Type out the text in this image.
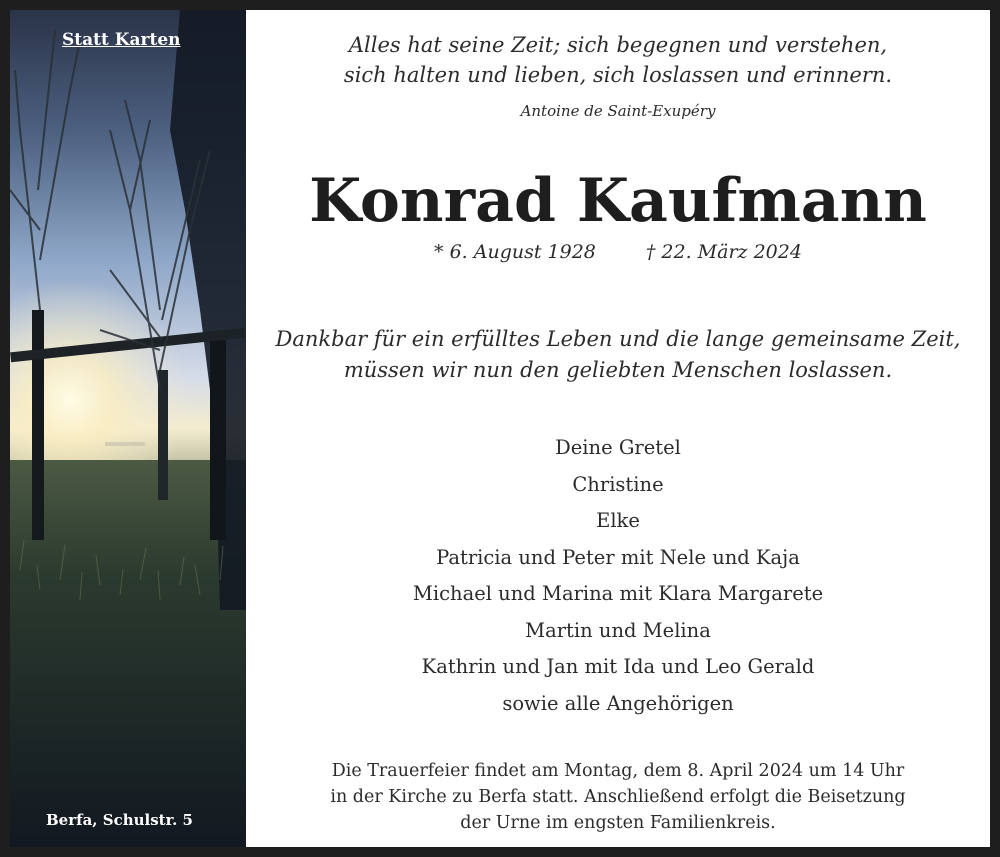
Statt Karten
Berfa, Schulstr. 5
Alles hat seine Zeit; sich begegnen und verstehen,
sich halten und lieben, sich loslassen und erinnern.
Antoine de Saint-Exupéry
Konrad Kaufmann
* 6. August 1928	† 22. März 2024
Dankbar für ein erfülltes Leben und die lange gemeinsame Zeit,
müssen wir nun den geliebten Menschen loslassen.
Deine Gretel
Christine
Elke
Patricia und Peter mit Nele und Kaja
Michael und Marina mit Klara Margarete
Martin und Melina
Kathrin und Jan mit Ida und Leo Gerald
sowie alle Angehörigen
Die Trauerfeier findet am Montag, dem 8. April 2024 um 14 Uhr
in der Kirche zu Berfa statt. Anschließend erfolgt die Beisetzung
der Urne im engsten Familienkreis.
